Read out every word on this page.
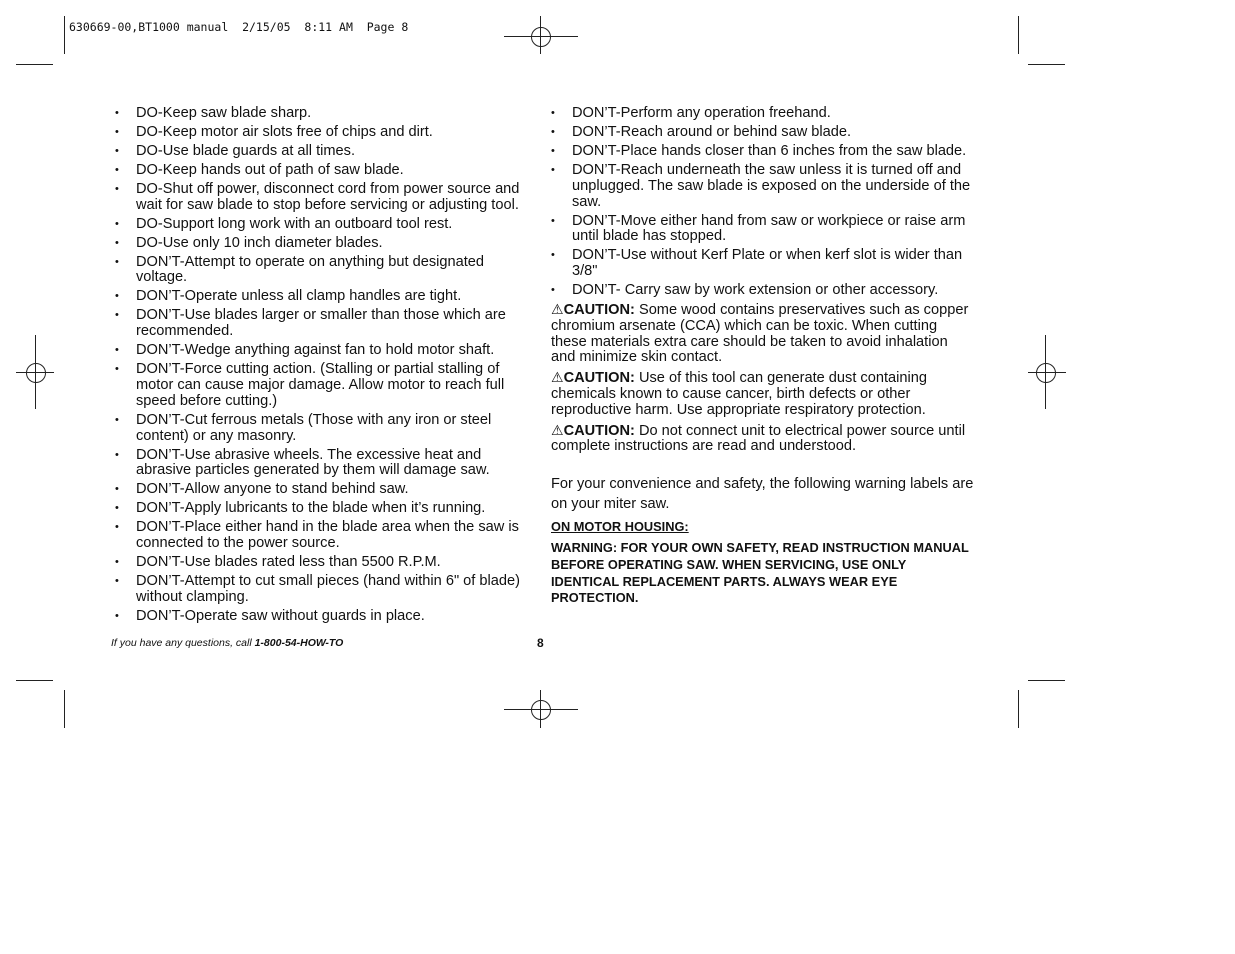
630669-00,BT1000 manual  2/15/05  8:11 AM  Page 8
•	DO-Keep saw blade sharp.
•	DO-Keep motor air slots free of chips and dirt.
•	DO-Use blade guards at all times.
•	DO-Keep hands out of path of saw blade.
•	DO-Shut off power, disconnect cord from power source and wait for saw blade to stop before servicing or adjusting tool.
•	DO-Support long work with an outboard tool rest.
•	DO-Use only 10 inch diameter blades.
•	DON’T-Attempt to operate on anything but designated voltage.
•	DON’T-Operate unless all clamp handles are tight.
•	DON’T-Use blades larger or smaller than those which are recommended.
•	DON’T-Wedge anything against fan to hold motor shaft.
•	DON’T-Force cutting action. (Stalling or partial stalling of motor can cause major damage. Allow motor to reach full speed before cutting.)
•	DON’T-Cut ferrous metals (Those with any iron or steel content) or any masonry.
•	DON’T-Use abrasive wheels. The excessive heat and abrasive particles generated by them will damage saw.
•	DON’T-Allow anyone to stand behind saw.
•	DON’T-Apply lubricants to the blade when it’s running.
•	DON’T-Place either hand in the blade area when the saw is connected to the power source.
•	DON’T-Use blades rated less than 5500 R.P.M.
•	DON’T-Attempt to cut small pieces (hand within 6" of blade) without clamping.
•	DON’T-Operate saw without guards in place.
•	DON’T-Perform any operation freehand.
•	DON’T-Reach around or behind saw blade.
•	DON’T-Place hands closer than 6 inches from the saw blade.
•	DON’T-Reach underneath the saw unless it is turned off and unplugged. The saw blade is exposed on the underside of the saw.
•	DON’T-Move either hand from saw or workpiece or raise arm until blade has stopped.
•	DON’T-Use without Kerf Plate or when kerf slot is wider than 3/8"
•	DON’T- Carry saw by work extension or other accessory.

⚠CAUTION: Some wood contains preservatives such as copper chromium arsenate (CCA) which can be toxic. When cutting these materials extra care should be taken to avoid inhalation and minimize skin contact.

⚠CAUTION: Use of this tool can generate dust containing chemicals known to cause cancer, birth defects or other reproductive harm. Use appropriate respiratory protection.

⚠CAUTION: Do not connect unit to electrical power source until complete instructions are read and understood.

For your convenience and safety, the following warning labels are on your miter saw.

ON MOTOR HOUSING:

WARNING: FOR YOUR OWN SAFETY, READ INSTRUCTION MANUAL BEFORE OPERATING SAW. WHEN SERVICING, USE ONLY IDENTICAL REPLACEMENT PARTS. ALWAYS WEAR EYE PROTECTION.

If you have any questions, call 1-800-54-HOW-TO	8
